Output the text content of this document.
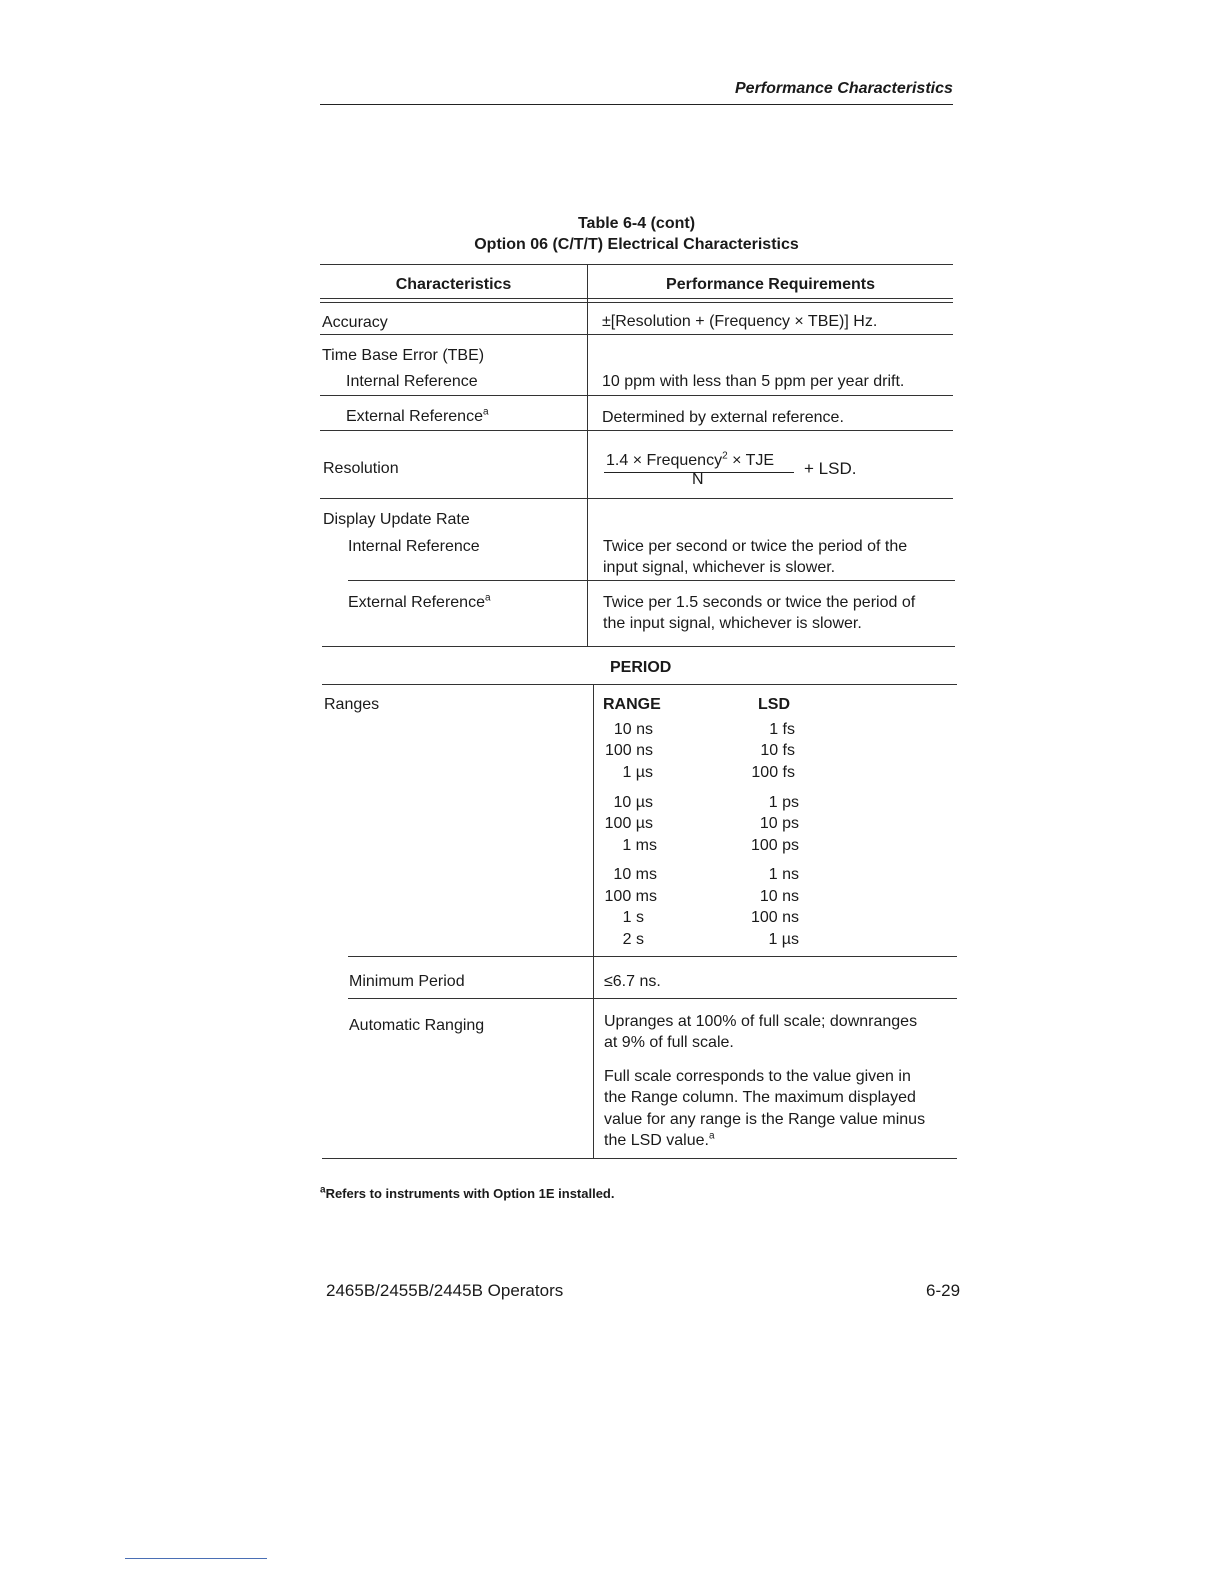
Performance Characteristics
Table 6-4 (cont)
Option 06 (C/T/T) Electrical Characteristics
Characteristics	Performance Requirements
Accuracy	±[Resolution + (Frequency × TBE)] Hz.
Time Base Error (TBE)
Internal Reference	10 ppm with less than 5 ppm per year drift.
External Reference$^a$	Determined by external reference.
Resolution	1.4 × Frequency$^2$ × TJE
N
+ LSD.
Display Update Rate
Internal Reference	Twice per second or twice the period of the
input signal, whichever is slower.
External Reference$^a$	Twice per 1.5 seconds or twice the period of
the input signal, whichever is slower.
PERIOD
Ranges	RANGE	LSD
10 ns	1 fs
100 ns	10 fs
1 µs	100 fs
10 µs	1 ps
100 µs	10 ps
1 ms	100 ps
10 ms	1 ns
100 ms	10 ns
1 s	100 ns
2 s	1 µs
Minimum Period	≤6.7 ns.
Automatic Ranging	Upranges at 100% of full scale; downranges
at 9% of full scale.
Full scale corresponds to the value given in
the Range column. The maximum displayed
value for any range is the Range value minus
the LSD value.$^a$
$^a$Refers to instruments with Option 1E installed.
2465B/2455B/2445B Operators	6-29
